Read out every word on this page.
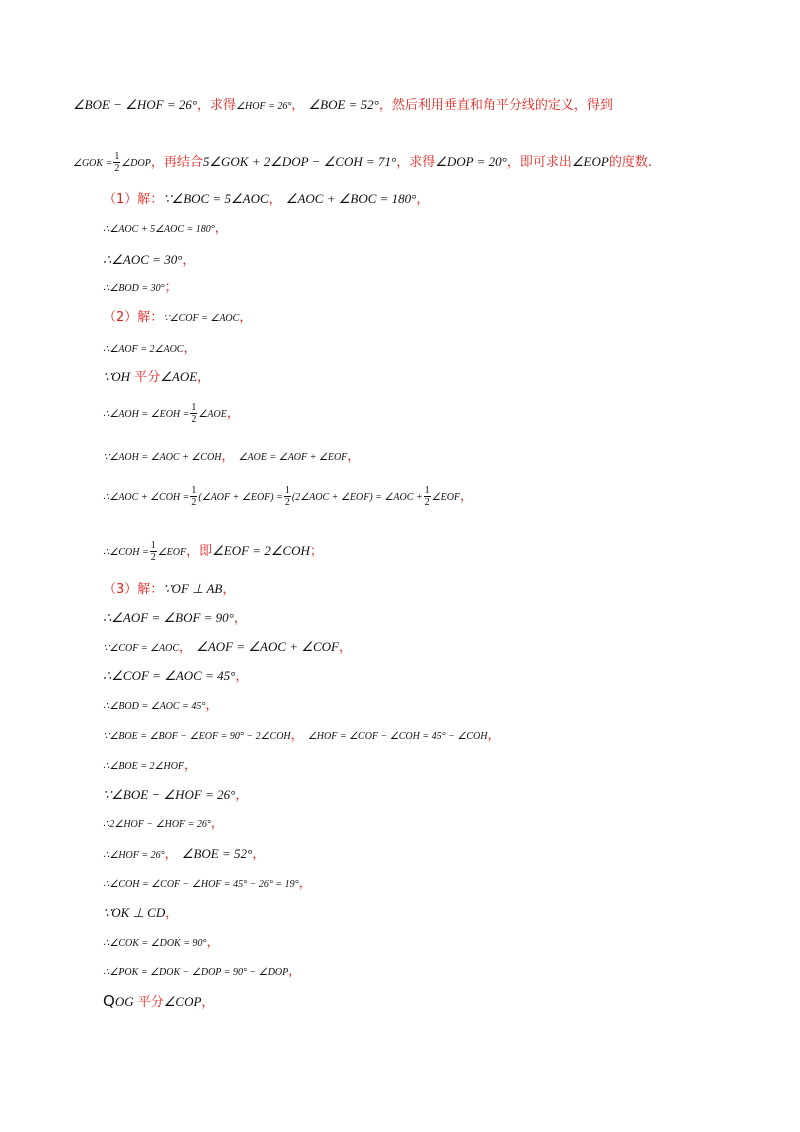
∠BOE − ∠HOF = 26°，求得∠HOF = 26°， ∠BOE = 52°，然后利用垂直和角平分线的定义，得到
∠GOK = $\frac{1}{2}$ ∠DOP，再结合5∠GOK + 2∠DOP − ∠COH = 71°，求得∠DOP = 20°，即可求出∠EOP的度数.
（1）解：∵∠BOC = 5∠AOC， ∠AOC + ∠BOC = 180°，
∴∠AOC + 5∠AOC = 180°，
∴∠AOC = 30°，
∴∠BOD = 30°；
（2）解：∵∠COF = ∠AOC，
∴∠AOF = 2∠AOC，
∵OH 平分∠AOE，
∴∠AOH = ∠EOH = $\frac{1}{2}$ ∠AOE，
∵∠AOH = ∠AOC + ∠COH， ∠AOE = ∠AOF + ∠EOF，
∴∠AOC + ∠COH = $\frac{1}{2}$ (∠AOF + ∠EOF) = $\frac{1}{2}$ (2∠AOC + ∠EOF) = ∠AOC + $\frac{1}{2}$ ∠EOF，
∴∠COH = $\frac{1}{2}$ ∠EOF，即∠EOF = 2∠COH；
（3）解：∵OF ⊥ AB，
∴∠AOF = ∠BOF = 90°，
∵∠COF = ∠AOC， ∠AOF = ∠AOC + ∠COF，
∴∠COF = ∠AOC = 45°，
∴∠BOD = ∠AOC = 45°，
∵∠BOE = ∠BOF − ∠EOF = 90° − 2∠COH， ∠HOF = ∠COF − ∠COH = 45° − ∠COH，
∴∠BOE = 2∠HOF，
∵∠BOE − ∠HOF = 26°，
∴2∠HOF − ∠HOF = 26°，
∴∠HOF = 26°， ∠BOE = 52°，
∴∠COH = ∠COF − ∠HOF = 45° − 26° = 19°，
∵OK ⊥ CD，
∴∠COK = ∠DOK = 90°，
∴∠POK = ∠DOK − ∠DOP = 90° − ∠DOP，
QOG 平分∠COP，
